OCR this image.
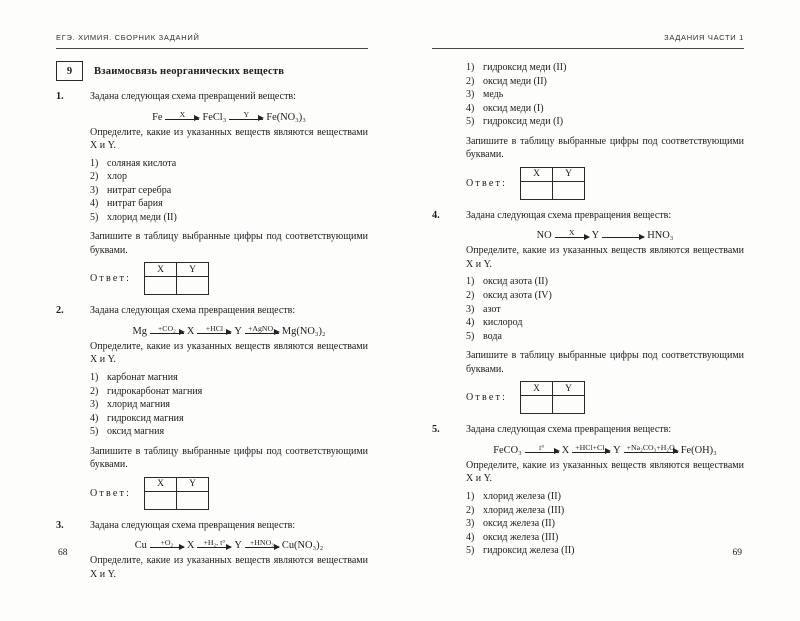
ЕГЭ. ХИМИЯ. СБОРНИК ЗАДАНИЙ
9	Взаимосвязь неорганических веществ
1.	Задана следующая схема превращений веществ:
Fe	X FeCl₃	Y Fe(NO₃)₃
Определите, какие из указанных веществ являются веществами X и Y.
1) соляная кислота
2) хлор
3) нитрат серебра
4) нитрат бария
5) хлорид меди (II)
Запишите в таблицу выбранные цифры под соответствующими буквами.
Ответ:
X	Y

2.	Задана следующая схема превращения веществ:
Mg	+CO₂ X	+HCl Y +AgNO₃ Mg(NO₃)₂
Определите, какие из указанных веществ являются веществами X и Y.
1) карбонат магния
2) гидрокарбонат магния
3) хлорид магния
4) гидроксид магния
5) оксид магния
Запишите в таблицу выбранные цифры под соответствующими буквами.
Ответ:
X	Y

3.	Задана следующая схема превращения веществ:
Cu	+O₂ X	+H₂, t° Y	+HNO₃ Cu(NO₃)₂
Определите, какие из указанных веществ являются веществами X и Y.
68
ЗАДАНИЯ ЧАСТИ 1
1) гидроксид меди (II)
2) оксид меди (II)
3) медь
4) оксид меди (I)
5) гидроксид меди (I)
Запишите в таблицу выбранные цифры под соответствующими буквами.
Ответ:
X	Y

4.	Задана следующая схема превращения веществ:
NO	X Y → HNO₃
Определите, какие из указанных веществ являются веществами X и Y.
1) оксид азота (II)
2) оксид азота (IV)
3) азот
4) кислород
5) вода
Запишите в таблицу выбранные цифры под соответствующими буквами.
Ответ:
X	Y

5.	Задана следующая схема превращения веществ:
FeCO₃	t° X +HCl+Cl₂ Y +Na₂CO₃+H₂O Fe(OH)₃
Определите, какие из указанных веществ являются веществами X и Y.
1) хлорид железа (II)
2) хлорид железа (III)
3) оксид железа (II)
4) оксид железа (III)
5) гидроксид железа (II)	69
